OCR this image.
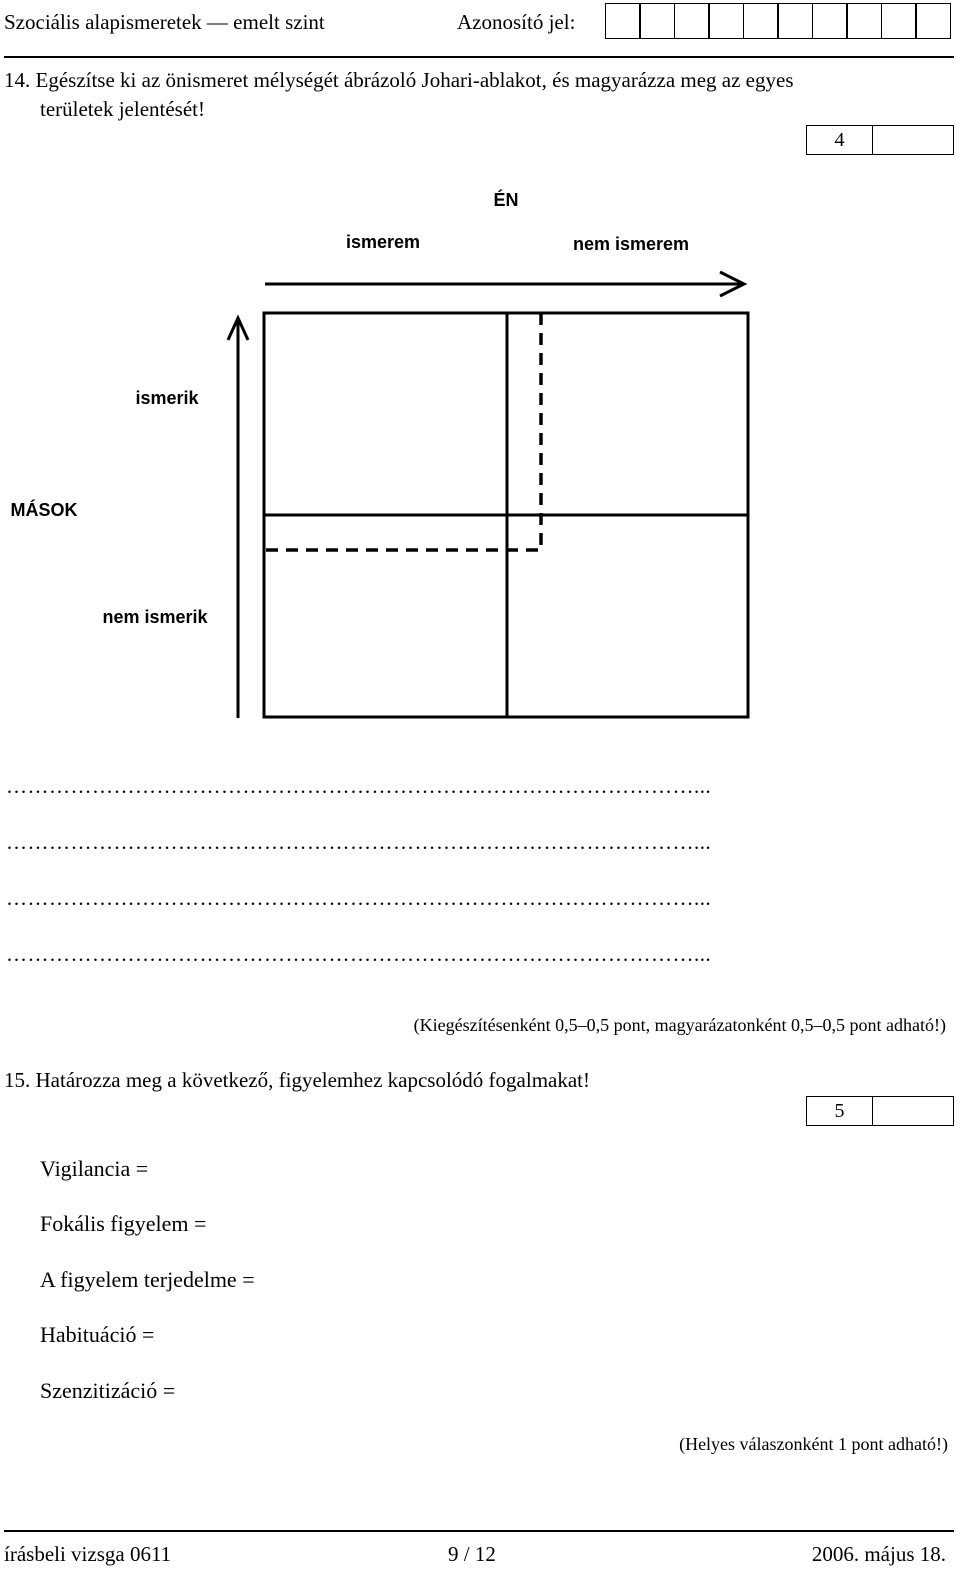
Szociális alapismeretek — emelt szint	Azonosító jel:
14. Egészítse ki az önismeret mélységét ábrázoló Johari-ablakot, és magyarázza meg az egyes
területek jelentését!
4
ÉN
ismerem	nem ismerem
ismerik
MÁSOK
nem ismerik
……………………………………………………………………………………...
……………………………………………………………………………………...
……………………………………………………………………………………...
……………………………………………………………………………………...
(Kiegészítésenként 0,5–0,5 pont, magyarázatonként 0,5–0,5 pont adható!)
15. Határozza meg a következő, figyelemhez kapcsolódó fogalmakat!
5
Vigilancia =
Fokális figyelem =
A figyelem terjedelme =
Habituáció =
Szenzitizáció =
(Helyes válaszonként 1 pont adható!)
írásbeli vizsga 0611	9 / 12	2006. május 18.
